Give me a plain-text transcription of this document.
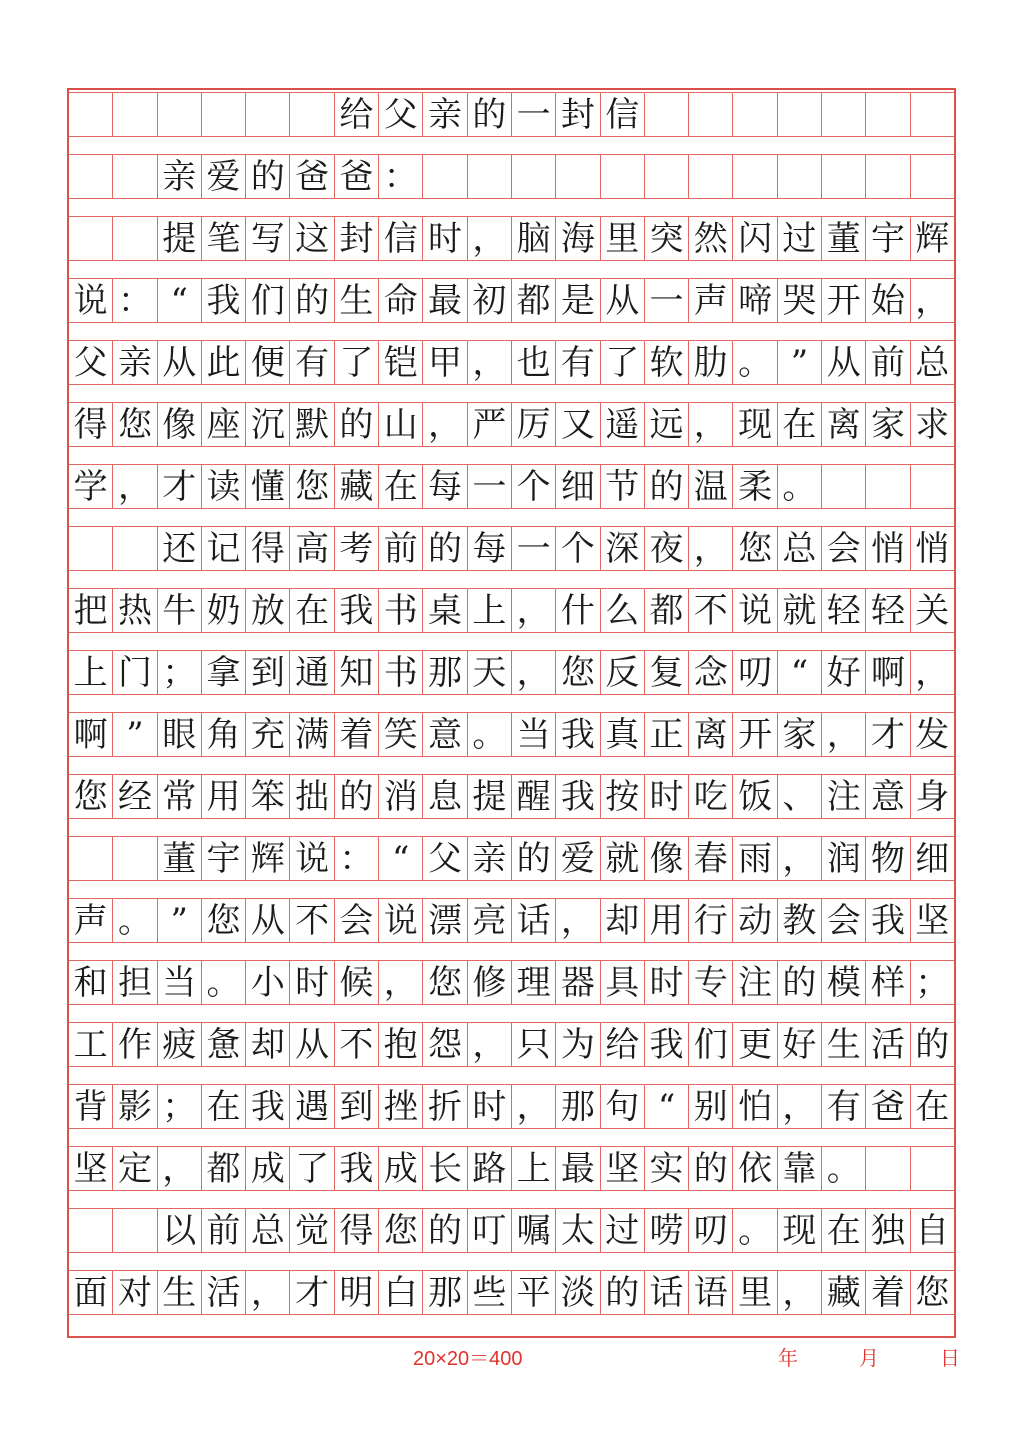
给 父 亲 的 一 封 信
亲 爱 的 爸 爸 ：
提 笔 写 这 封 信 时 ， 脑 海 里 突 然 闪 过 董 宇 辉
说 ： “ 我 们 的 生 命 最 初 都 是 从 一 声 啼 哭 开 始 ，
父 亲 从 此 便 有 了 铠 甲 ， 也 有 了 软 肋 。 ” 从 前 总
得 您 像 座 沉 默 的 山 ， 严 厉 又 遥 远 ， 现 在 离 家 求
学 ， 才 读 懂 您 藏 在 每 一 个 细 节 的 温 柔 。
还 记 得 高 考 前 的 每 一 个 深 夜 ， 您 总 会 悄 悄
把 热 牛 奶 放 在 我 书 桌 上 ， 什 么 都 不 说 就 轻 轻 关
上 门 ； 拿 到 通 知 书 那 天 ， 您 反 复 念 叨 “ 好 啊 ，
啊 ” 眼 角 充 满 着 笑 意 。 当 我 真 正 离 开 家 ， 才 发
您 经 常 用 笨 拙 的 消 息 提 醒 我 按 时 吃 饭 、 注 意 身
董 宇 辉 说 ： “ 父 亲 的 爱 就 像 春 雨 ， 润 物 细
声 。 ” 您 从 不 会 说 漂 亮 话 ， 却 用 行 动 教 会 我 坚
和 担 当 。 小 时 候 ， 您 修 理 器 具 时 专 注 的 模 样 ；
工 作 疲 惫 却 从 不 抱 怨 ， 只 为 给 我 们 更 好 生 活 的
背 影 ； 在 我 遇 到 挫 折 时 ， 那 句 “ 别 怕 ， 有 爸 在
坚 定 ， 都 成 了 我 成 长 路 上 最 坚 实 的 依 靠 。
以 前 总 觉 得 您 的 叮 嘱 太 过 唠 叨 。 现 在 独 自
面 对 生 活 ， 才 明 白 那 些 平 淡 的 话 语 里 ， 藏 着 您
20×20＝400	年	月	日
